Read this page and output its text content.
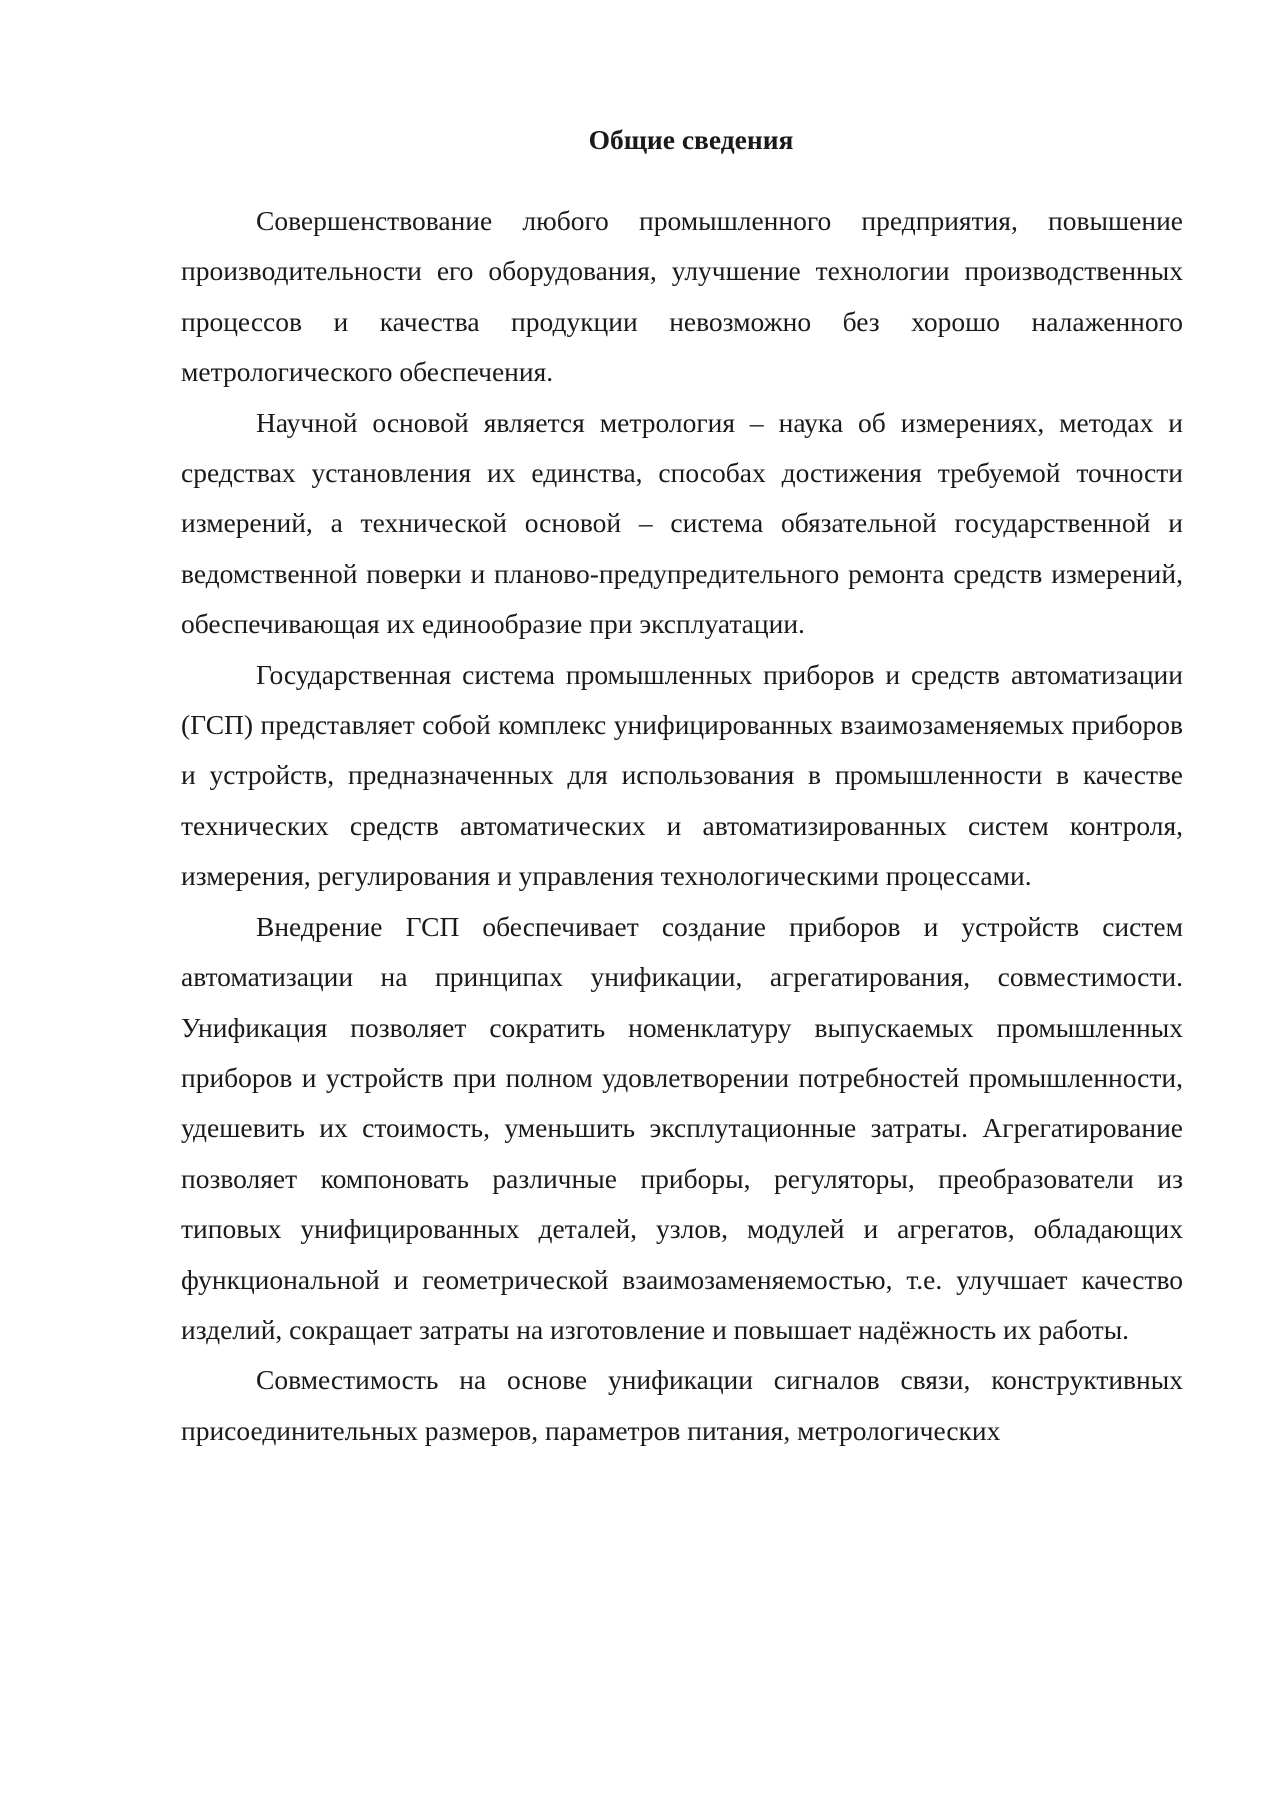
Общие сведения

Совершенствование любого промышленного предприятия, повышение производительности его оборудования, улучшение технологии производственных процессов и качества продукции невозможно без хорошо налаженного метрологического обеспечения.

Научной основой является метрология – наука об измерениях, методах и средствах установления их единства, способах достижения требуемой точности измерений, а технической основой – система обязательной государственной и ведомственной поверки и планово-предупредительного ремонта средств измерений, обеспечивающая их единообразие при эксплуатации.

Государственная система промышленных приборов и средств автоматизации (ГСП) представляет собой комплекс унифицированных взаимозаменяемых приборов и устройств, предназначенных для использования в промышленности в качестве технических средств автоматических и автоматизированных систем контроля, измерения, регулирования и управления технологическими процессами.

Внедрение ГСП обеспечивает создание приборов и устройств систем автоматизации на принципах унификации, агрегатирования, совместимости. Унификация позволяет сократить номенклатуру выпускаемых промышленных приборов и устройств при полном удовлетворении потребностей промышленности, удешевить их стоимость, уменьшить эксплутационные затраты. Агрегатирование позволяет компоновать различные приборы, регуляторы, преобразователи из типовых унифицированных деталей, узлов, модулей и агрегатов, обладающих функциональной и геометрической взаимозаменяемостью, т.е. улучшает качество изделий, сокращает затраты на изготовление и повышает надёжность их работы.

Совместимость на основе унификации сигналов связи, конструктивных присоединительных размеров, параметров питания, метрологических
